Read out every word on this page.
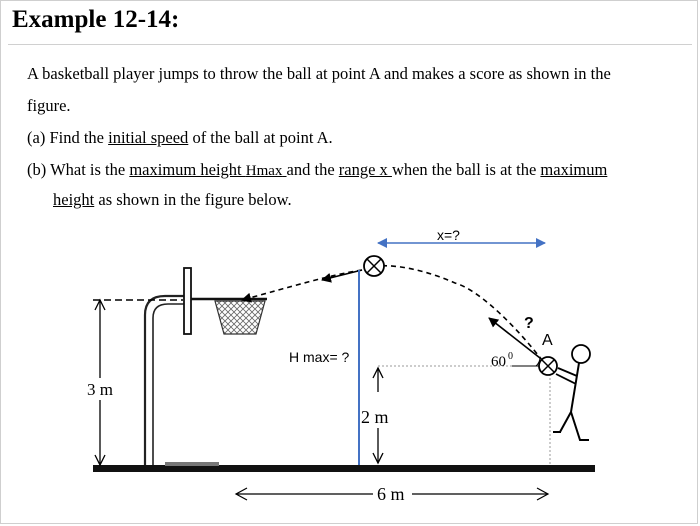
Example 12-14:
A basketball player jumps to throw the ball at point A and makes a score as shown in the
figure.
(a) Find the initial speed of the ball at point A.
(b) What is the maximum height Hmax and the range x when the ball is at the maximum
height as shown in the figure below.
3 m
H max= ?
x=?
2 m
6 m
?
A
60 0
